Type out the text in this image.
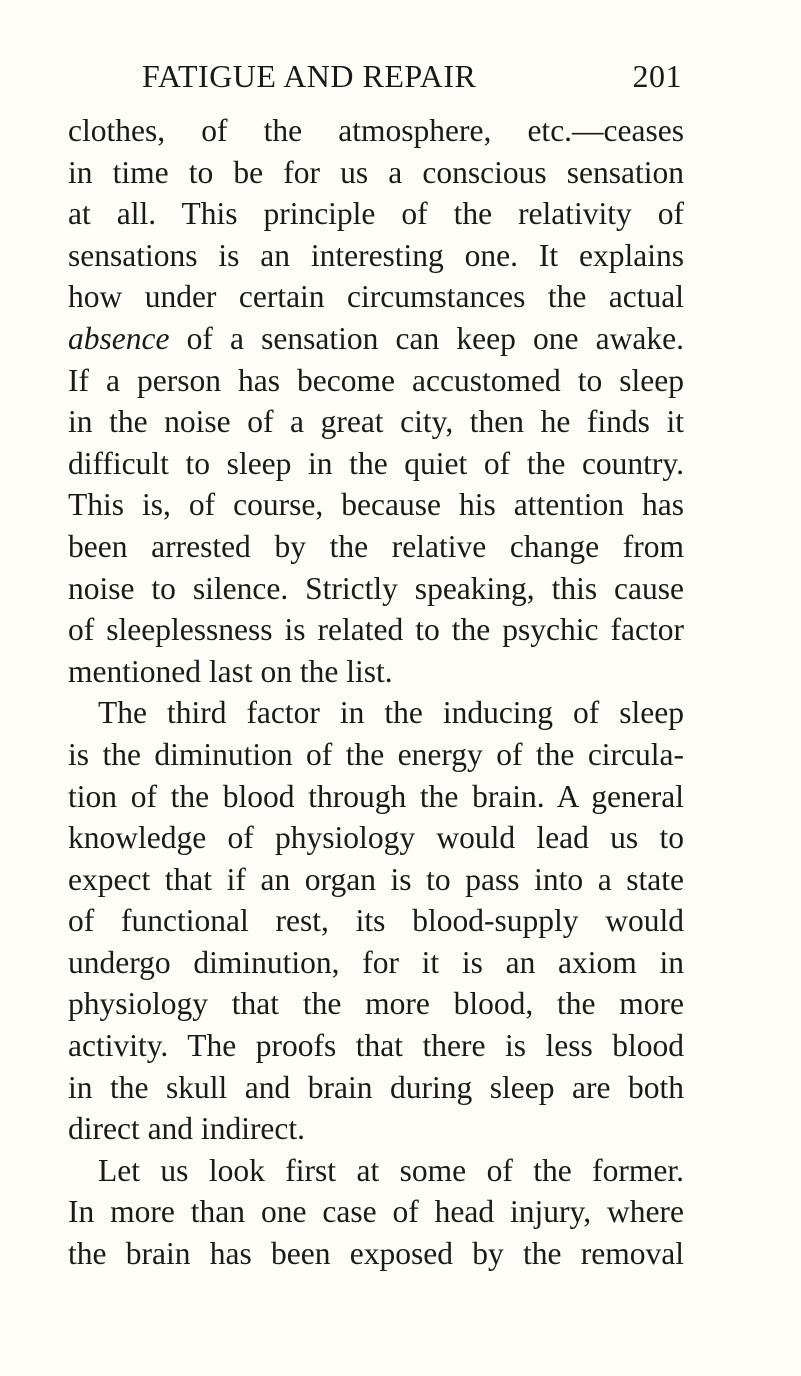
FATIGUE AND REPAIR	201
clothes, of the atmosphere, etc.—ceases
in time to be for us a conscious sensation
at all. This principle of the relativity of
sensations is an interesting one. It explains
how under certain circumstances the actual
absence of a sensation can keep one awake.
If a person has become accustomed to sleep
in the noise of a great city, then he finds it
difficult to sleep in the quiet of the country.
This is, of course, because his attention has
been arrested by the relative change from
noise to silence. Strictly speaking, this cause
of sleeplessness is related to the psychic factor
mentioned last on the list.
The third factor in the inducing of sleep
is the diminution of the energy of the circula-
tion of the blood through the brain. A general
knowledge of physiology would lead us to
expect that if an organ is to pass into a state
of functional rest, its blood-supply would
undergo diminution, for it is an axiom in
physiology that the more blood, the more
activity. The proofs that there is less blood
in the skull and brain during sleep are both
direct and indirect.
Let us look first at some of the former.
In more than one case of head injury, where
the brain has been exposed by the removal
